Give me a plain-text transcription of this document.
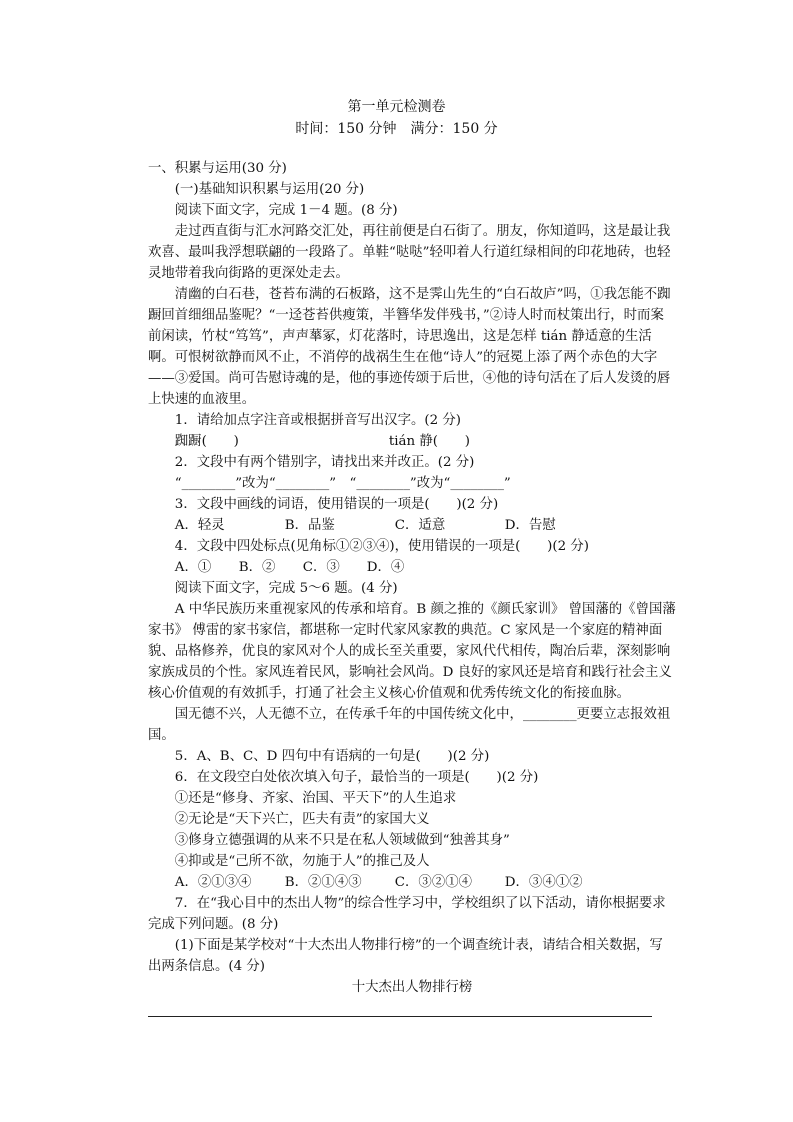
第一单元检测卷
时间：150 分钟　满分：150 分

一、积累与运用(30 分)

(一)基础知识积累与运用(20 分)

阅读下面文字，完成 1－4 题。(8 分)

走过西直街与汇水河路交汇处，再往前便是白石街了。朋友，你知道吗，这是最让我欢喜、最叫我浮想联翩的一段路了。单鞋“哒哒”轻叩着人行道红绿相间的印花地砖，也轻灵地带着我向街路的更深处走去。

清幽的白石巷，苍苔布满的石板路，这不是霁山先生的“白石故庐”吗，①我怎能不踟蹰回首细细品鉴呢？“一迳苍苔供瘦策，半簪华发伴残书，”②诗人时而杖策出行，时而案前闲读，竹杖“笃笃”，声声蕐冢，灯花落时，诗思逸出，这是怎样 tián 静适意的生活啊。可恨树欲静而风不止，不消停的战祸生生在他“诗人”的冠冕上添了两个赤色的大字——③爱国。尚可告慰诗魂的是，他的事迹传颂于后世，④他的诗句活在了后人发烫的唇上快速的血液里。

1．请给加点字注音或根据拼音写出汉字。(2 分)

踟蹰(　　)	tián 静(　　)

2．文段中有两个错别字，请找出来并改正。(2 分)

“________”改为“________”　“________”改为“________”

3．文段中画线的词语，使用错误的一项是(　　)(2 分)

A．轻灵	B．品鉴	C．适意	D．告慰

4．文段中四处标点(见角标①②③④)，使用错误的一项是(　　)(2 分)

A．①	B．②	C．③	D．④

阅读下面文字，完成 5～6 题。(4 分)

A 中华民族历来重视家风的传承和培育。B 颜之推的《颜氏家训》 曾国藩的《曾国藩家书》 傅雷的家书家信，都堪称一定时代家风家教的典范。C 家风是一个家庭的精神面貌、品格修养，优良的家风对个人的成长至关重要，家风代代相传，陶冶后辈，深刻影响家族成员的个性。家风连着民风，影响社会风尚。D 良好的家风还是培育和践行社会主义核心价值观的有效抓手，打通了社会主义核心价值观和优秀传统文化的衔接血脉。

国无德不兴，人无德不立，在传承千年的中国传统文化中，________更要立志报效祖国。

5．A、B、C、D 四句中有语病的一句是(　　)(2 分)

6．在文段空白处依次填入句子，最恰当的一项是(　　)(2 分)

①还是“修身、齐家、治国、平天下”的人生追求

②无论是“天下兴亡，匹夫有责”的家国大义

③修身立德强调的从来不只是在私人领域做到“独善其身”

④抑或是“己所不欲，勿施于人”的推己及人

A．②①③④	B．②①④③	C．③②①④	D．③④①②

7．在“我心目中的杰出人物”的综合性学习中，学校组织了以下活动，请你根据要求完成下列问题。(8 分)

(1)下面是某学校对“十大杰出人物排行榜”的一个调查统计表，请结合相关数据，写出两条信息。(4 分)

十大杰出人物排行榜
